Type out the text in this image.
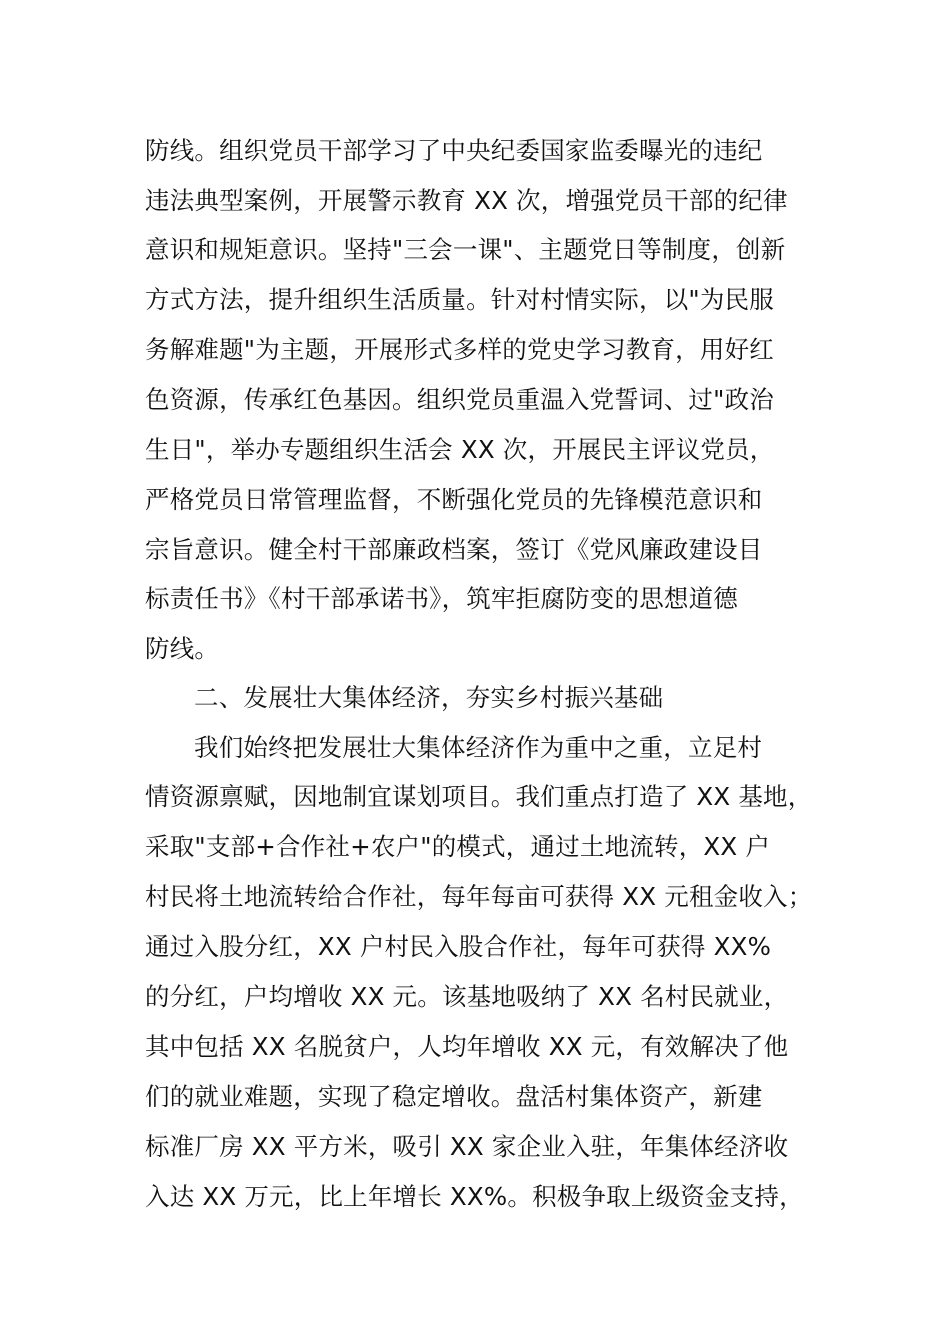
防线。组织党员干部学习了中央纪委国家监委曝光的违纪
违法典型案例，开展警示教育 XX 次，增强党员干部的纪律
意识和规矩意识。坚持"三会一课"、主题党日等制度，创新
方式方法，提升组织生活质量。针对村情实际，以"为民服
务解难题"为主题，开展形式多样的党史学习教育，用好红
色资源，传承红色基因。组织党员重温入党誓词、过"政治
生日"，举办专题组织生活会 XX 次，开展民主评议党员，
严格党员日常管理监督，不断强化党员的先锋模范意识和
宗旨意识。健全村干部廉政档案，签订《党风廉政建设目
标责任书》《村干部承诺书》，筑牢拒腐防变的思想道德
防线。
二、发展壮大集体经济，夯实乡村振兴基础
我们始终把发展壮大集体经济作为重中之重，立足村
情资源禀赋，因地制宜谋划项目。我们重点打造了 XX 基地，
采取"支部+合作社+农户"的模式，通过土地流转，XX 户
村民将土地流转给合作社，每年每亩可获得 XX 元租金收入；
通过入股分红，XX 户村民入股合作社，每年可获得 XX%
的分红，户均增收 XX 元。该基地吸纳了 XX 名村民就业，
其中包括 XX 名脱贫户，人均年增收 XX 元，有效解决了他
们的就业难题，实现了稳定增收。盘活村集体资产，新建
标准厂房 XX 平方米，吸引 XX 家企业入驻，年集体经济收
入达 XX 万元，比上年增长 XX%。积极争取上级资金支持，
